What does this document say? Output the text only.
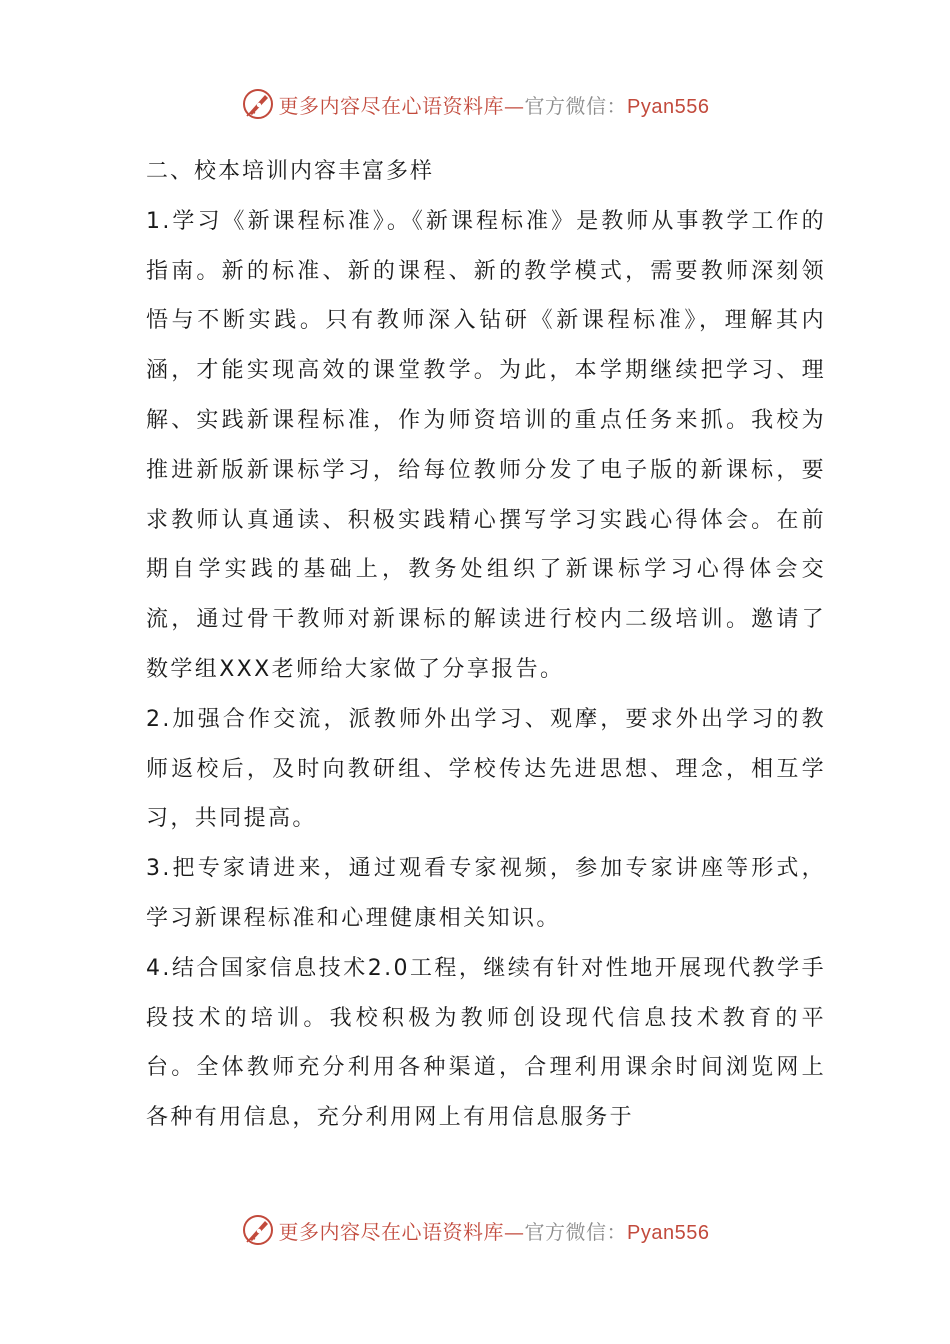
更多内容尽在心语资料库—官方微信：Pyan556

二、校本培训内容丰富多样

1.学习《新课程标准》。《新课程标准》是教师从事教学工作的指南。新的标准、新的课程、新的教学模式，需要教师深刻领悟与不断实践。只有教师深入钻研《新课程标准》，理解其内涵，才能实现高效的课堂教学。为此，本学期继续把学习、理解、实践新课程标准，作为师资培训的重点任务来抓。我校为推进新版新课标学习，给每位教师分发了电子版的新课标，要求教师认真通读、积极实践精心撰写学习实践心得体会。在前期自学实践的基础上，教务处组织了新课标学习心得体会交流，通过骨干教师对新课标的解读进行校内二级培训。邀请了数学组XXX老师给大家做了分享报告。

2.加强合作交流，派教师外出学习、观摩，要求外出学习的教师返校后，及时向教研组、学校传达先进思想、理念，相互学习，共同提高。

3.把专家请进来，通过观看专家视频，参加专家讲座等形式，学习新课程标准和心理健康相关知识。

4.结合国家信息技术2.0工程，继续有针对性地开展现代教学手段技术的培训。我校积极为教师创设现代信息技术教育的平台。全体教师充分利用各种渠道，合理利用课余时间浏览网上各种有用信息，充分利用网上有用信息服务于

更多内容尽在心语资料库—官方微信：Pyan556
